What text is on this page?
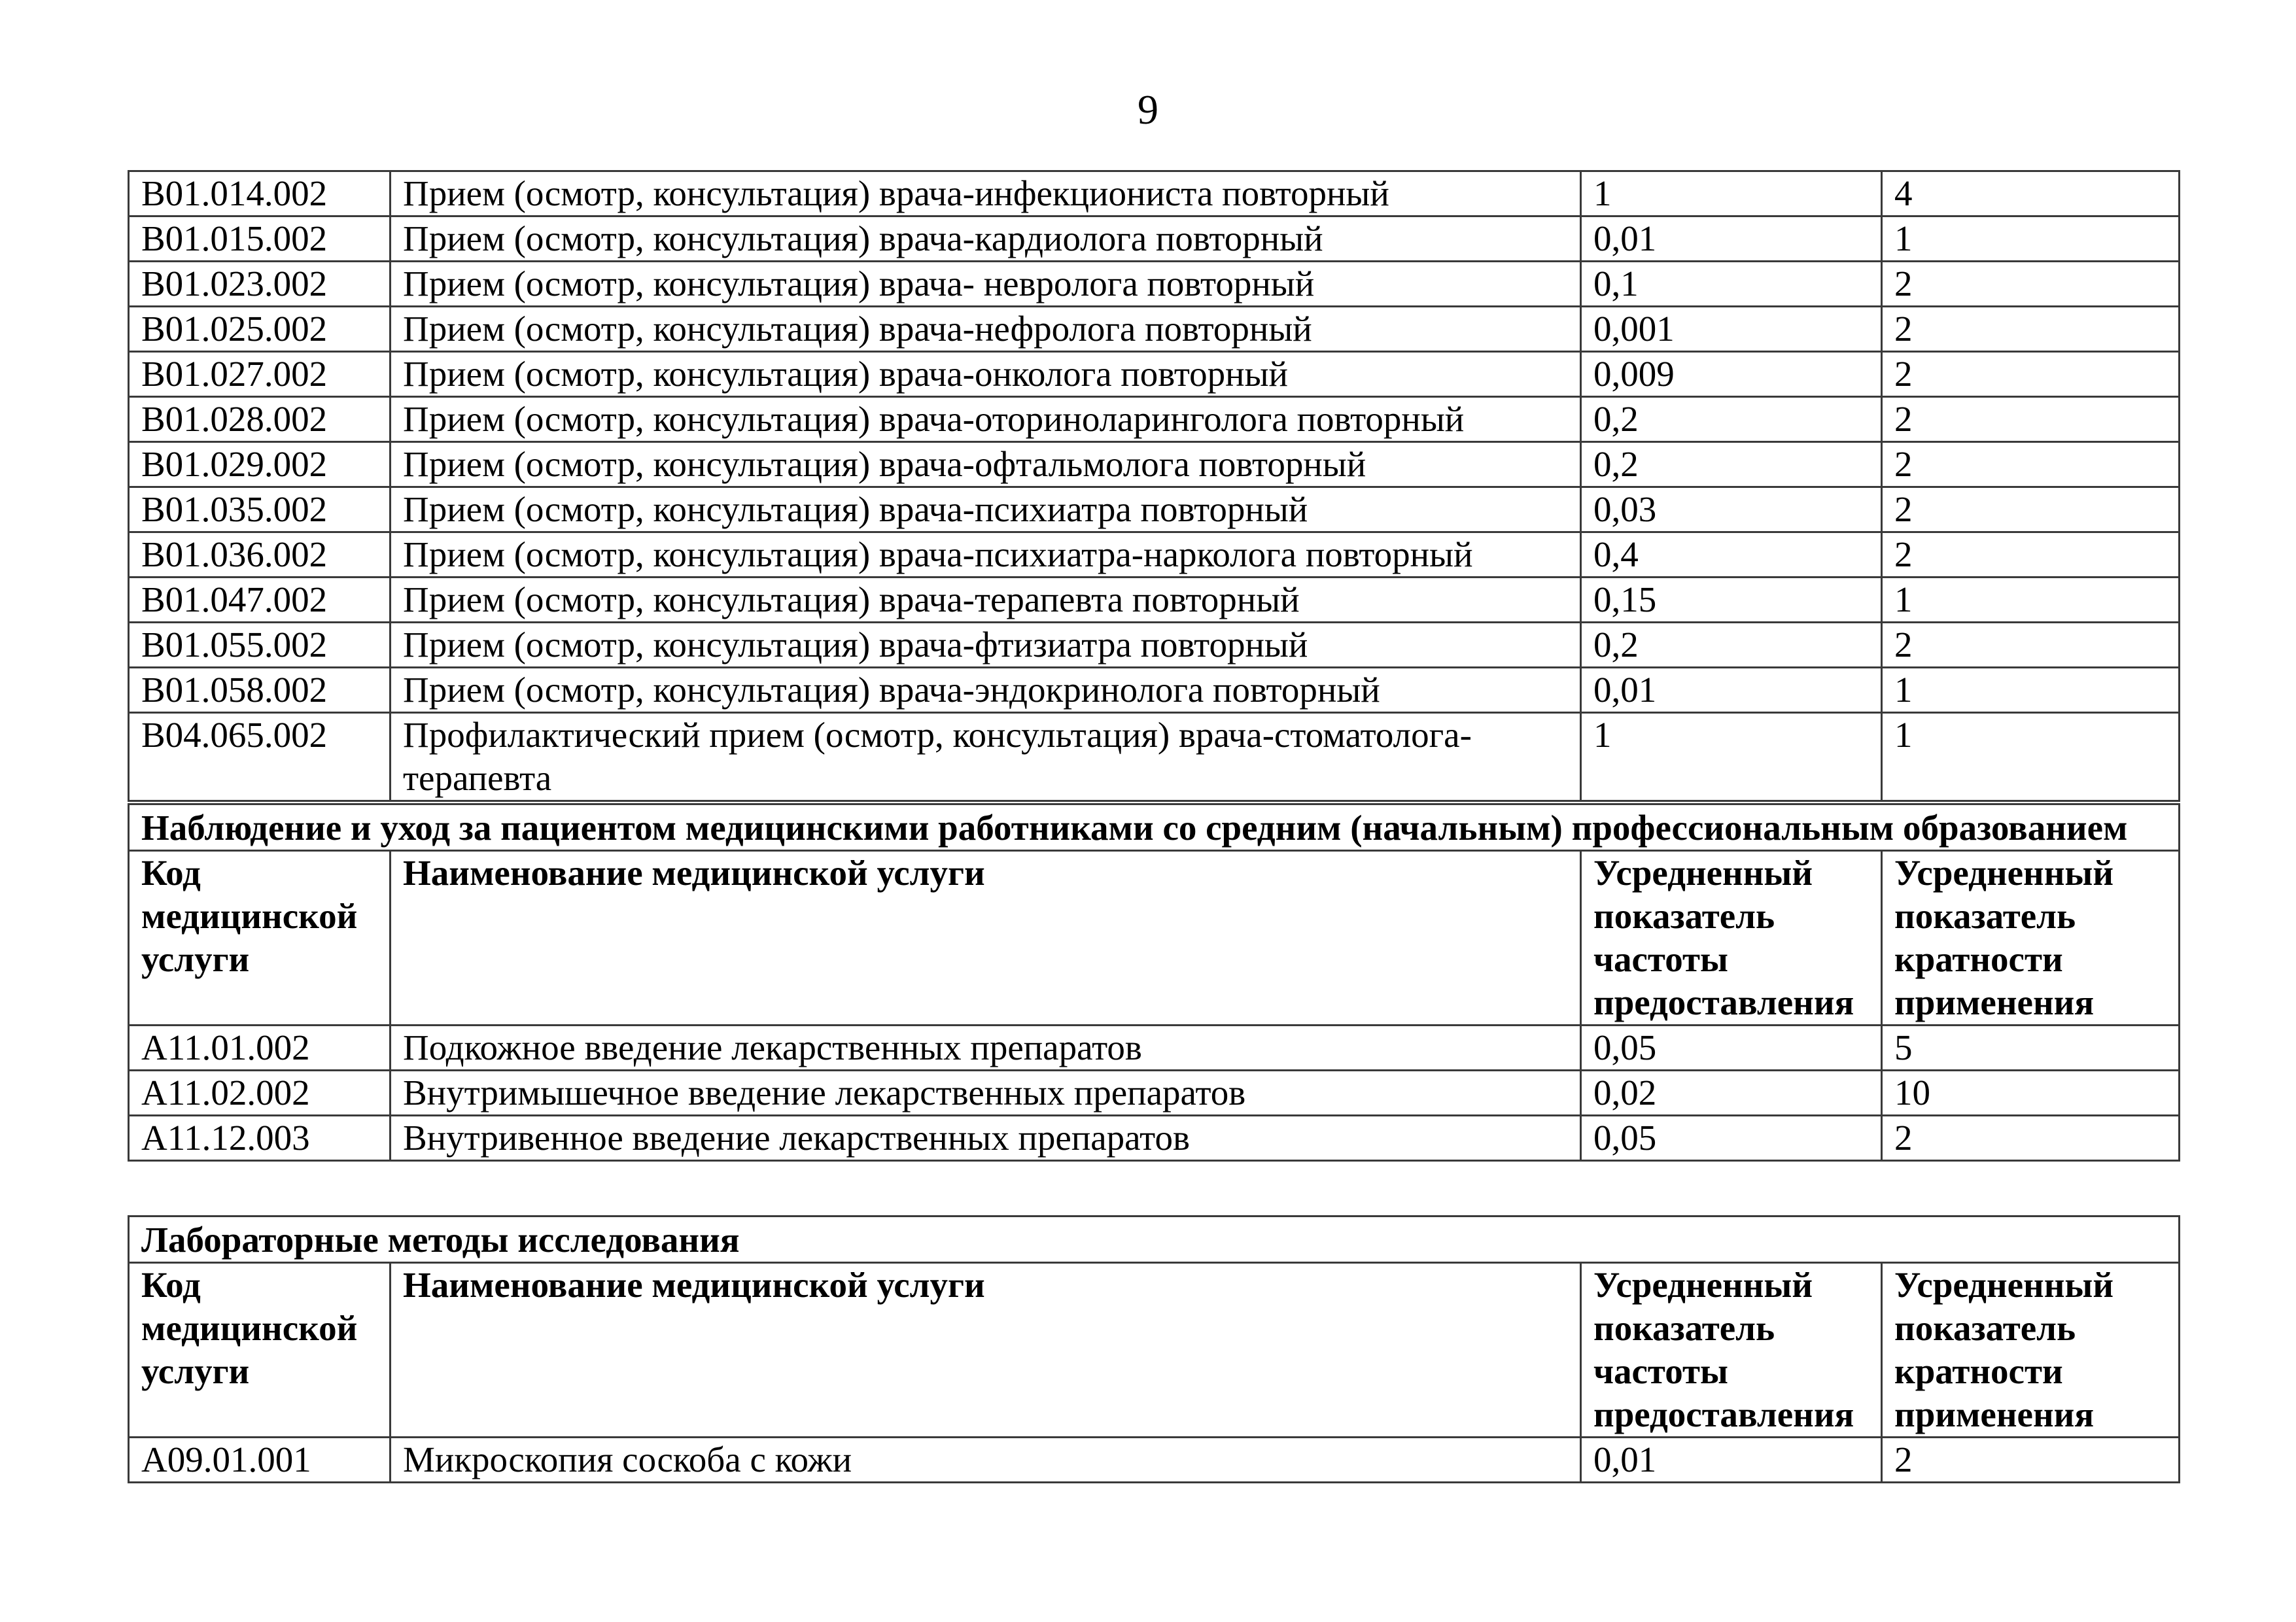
9
B01.014.002	Прием (осмотр, консультация) врача-инфекциониста повторный	1	4
B01.015.002	Прием (осмотр, консультация) врача-кардиолога повторный	0,01	1
B01.023.002	Прием (осмотр, консультация) врача- невролога повторный	0,1	2
B01.025.002	Прием (осмотр, консультация) врача-нефролога повторный	0,001	2
B01.027.002	Прием (осмотр, консультация) врача-онколога повторный	0,009	2
B01.028.002	Прием (осмотр, консультация) врача-оториноларинголога повторный	0,2	2
B01.029.002	Прием (осмотр, консультация) врача-офтальмолога повторный	0,2	2
B01.035.002	Прием (осмотр, консультация) врача-психиатра повторный	0,03	2
B01.036.002	Прием (осмотр, консультация) врача-психиатра-нарколога повторный	0,4	2
B01.047.002	Прием (осмотр, консультация) врача-терапевта повторный	0,15	1
B01.055.002	Прием (осмотр, консультация) врача-фтизиатра повторный	0,2	2
B01.058.002	Прием (осмотр, консультация) врача-эндокринолога повторный	0,01	1
B04.065.002	Профилактический прием (осмотр, консультация) врача-стоматолога-терапевта	1	1
Наблюдение и уход за пациентом медицинскими работниками со средним (начальным) профессиональным образованием			
Код медицинской услуги	Наименование медицинской услуги	Усредненный показатель частоты предоставления	Усредненный показатель кратности применения
A11.01.002	Подкожное введение лекарственных препаратов	0,05	5
A11.02.002	Внутримышечное введение лекарственных препаратов	0,02	10
A11.12.003	Внутривенное введение лекарственных препаратов	0,05	2
Лабораторные методы исследования			
Код медицинской услуги	Наименование медицинской услуги	Усредненный показатель частоты предоставления	Усредненный показатель кратности применения
A09.01.001	Микроскопия соскоба с кожи	0,01	2
